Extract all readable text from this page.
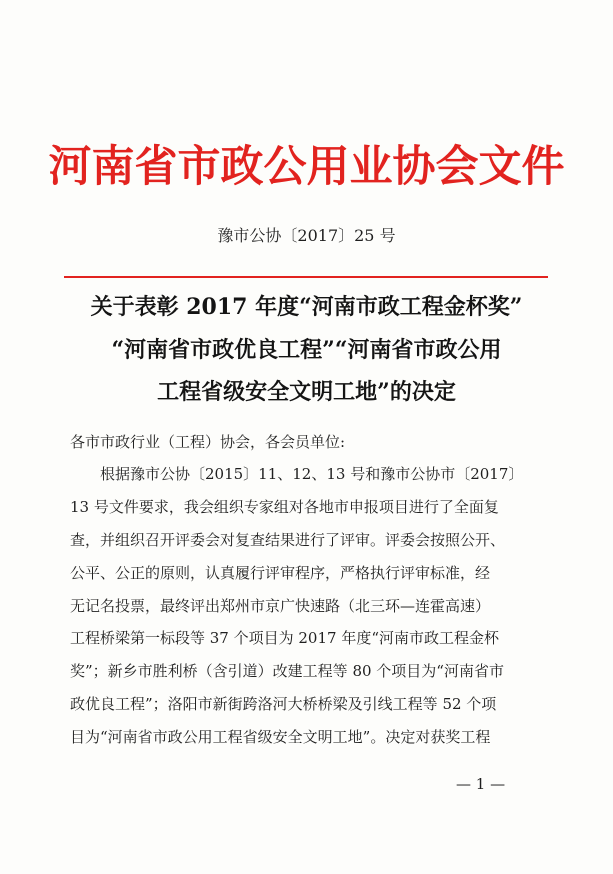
河南省市政公用业协会文件
豫市公协〔2017〕25 号
关于表彰 2017 年度“河南市政工程金杯奖”
“河南省市政优良工程”“河南省市政公用
工程省级安全文明工地”的决定
各市市政行业（工程）协会，各会员单位:
根据豫市公协〔2015〕11、12、13 号和豫市公协市〔2017〕
13 号文件要求，我会组织专家组对各地市申报项目进行了全面复
查，并组织召开评委会对复查结果进行了评审。评委会按照公开、
公平、公正的原则，认真履行评审程序，严格执行评审标准，经
无记名投票，最终评出郑州市京广快速路（北三环—连霍高速）
工程桥梁第一标段等 37 个项目为 2017 年度“河南市政工程金杯
奖”；新乡市胜利桥（含引道）改建工程等 80 个项目为“河南省市
政优良工程”；洛阳市新街跨洛河大桥桥梁及引线工程等 52 个项
目为“河南省市政公用工程省级安全文明工地”。决定对获奖工程
— 1 —
